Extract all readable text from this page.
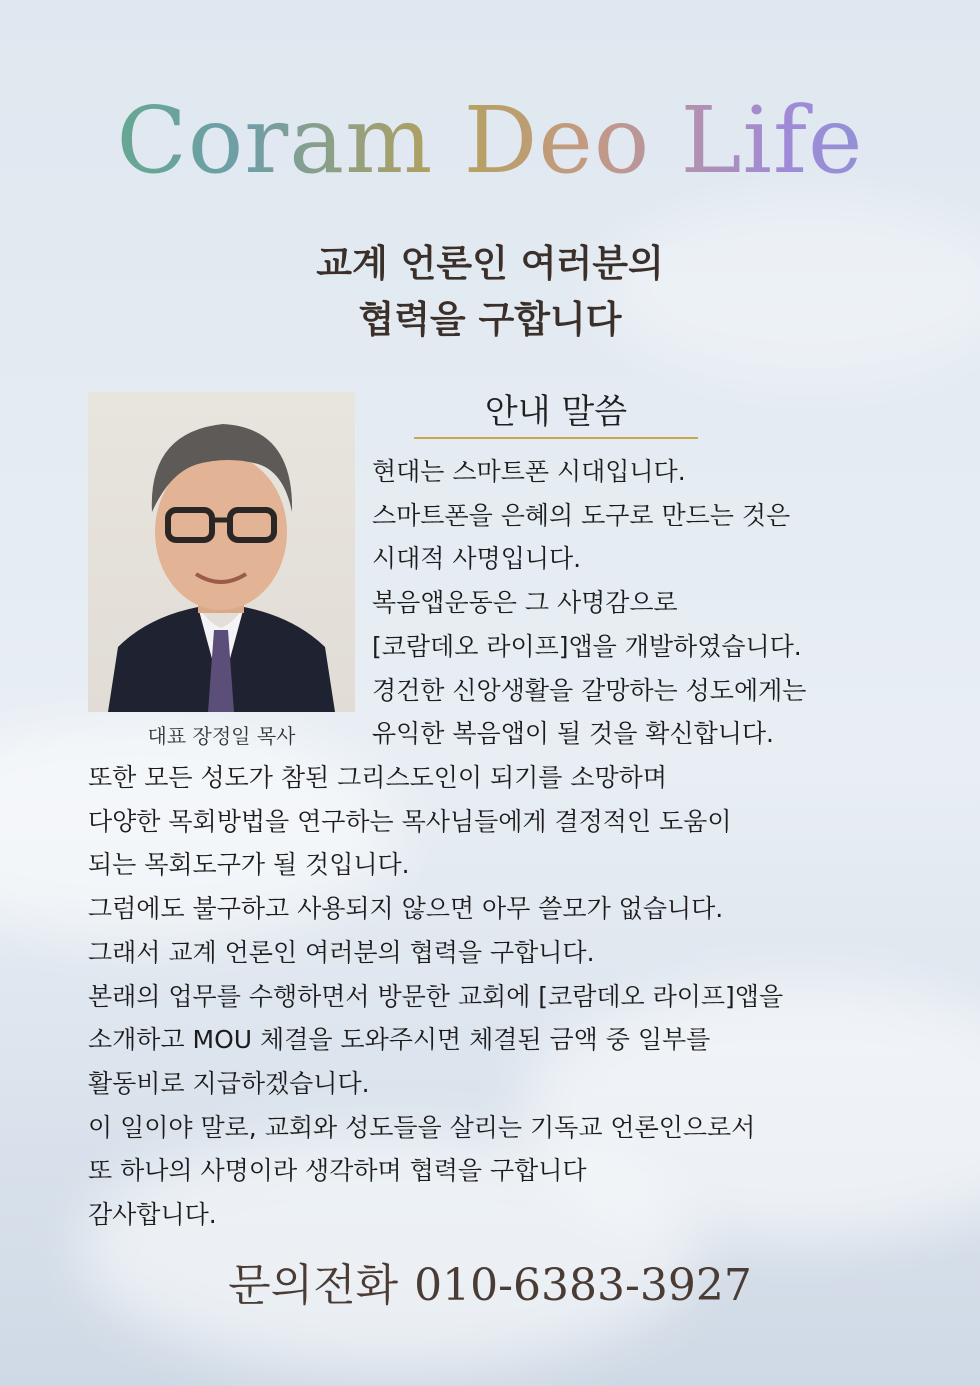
Coram Deo Life
교계 언론인 여러분의
협력을 구합니다
대표 장정일 목사
안내 말씀
현대는 스마트폰 시대입니다.
스마트폰을 은혜의 도구로 만드는 것은
시대적 사명입니다.
복음앱운동은 그 사명감으로
[코람데오 라이프]앱을 개발하였습니다.
경건한 신앙생활을 갈망하는 성도에게는
유익한 복음앱이 될 것을 확신합니다.
또한 모든 성도가 참된 그리스도인이 되기를 소망하며
다양한 목회방법을 연구하는 목사님들에게 결정적인 도움이
되는 목회도구가 될 것입니다.
그럼에도 불구하고 사용되지 않으면 아무 쓸모가 없습니다.
그래서 교계 언론인 여러분의 협력을 구합니다.
본래의 업무를 수행하면서 방문한 교회에 [코람데오 라이프]앱을
소개하고 MOU 체결을 도와주시면 체결된 금액 중 일부를
활동비로 지급하겠습니다.
이 일이야 말로, 교회와 성도들을 살리는 기독교 언론인으로서
또 하나의 사명이라 생각하며 협력을 구합니다
감사합니다.
문의전화 010-6383-3927
